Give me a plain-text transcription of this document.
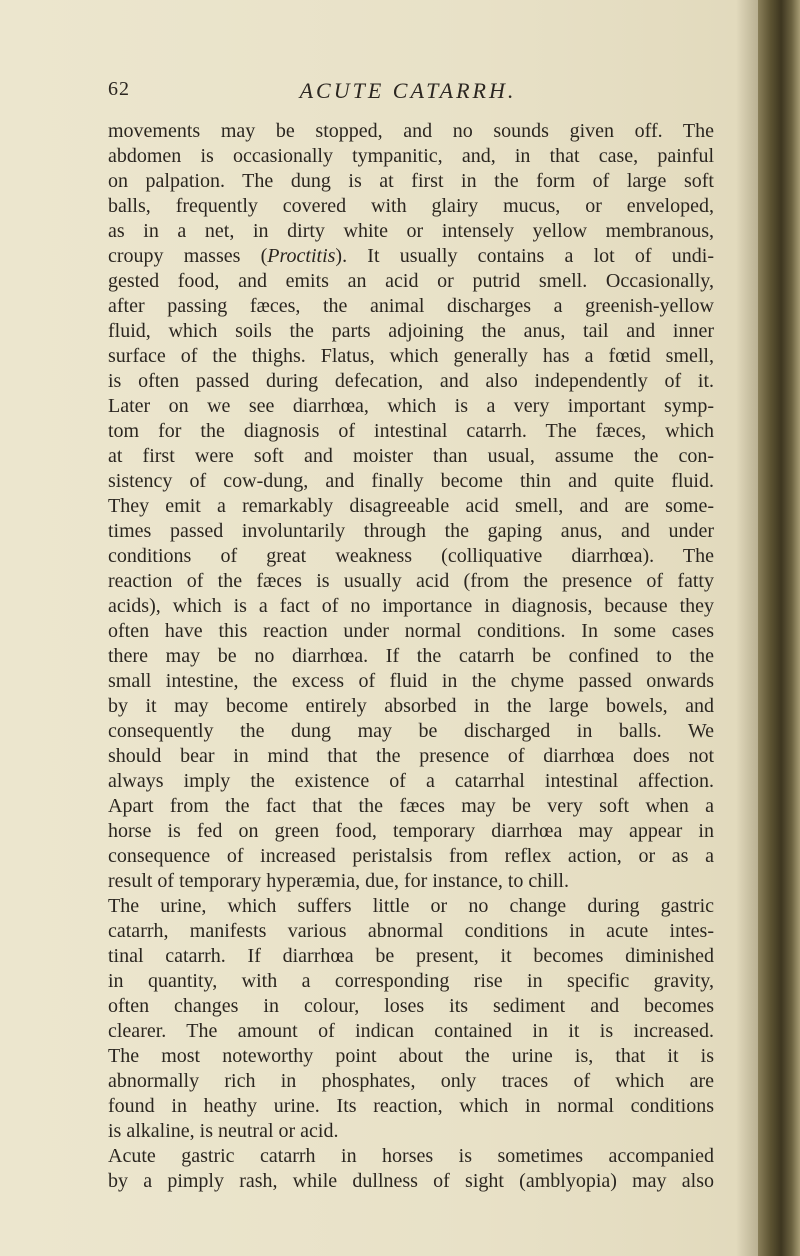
62	ACUTE CATARRH.
movements may be stopped, and no sounds given off. The
abdomen is occasionally tympanitic, and, in that case, painful
on palpation. The dung is at first in the form of large soft
balls, frequently covered with glairy mucus, or enveloped,
as in a net, in dirty white or intensely yellow membranous,
croupy masses (Proctitis). It usually contains a lot of undi-
gested food, and emits an acid or putrid smell. Occasionally,
after passing fæces, the animal discharges a greenish-yellow
fluid, which soils the parts adjoining the anus, tail and inner
surface of the thighs. Flatus, which generally has a fœtid smell,
is often passed during defecation, and also independently of it.
Later on we see diarrhœa, which is a very important symp-
tom for the diagnosis of intestinal catarrh. The fæces, which
at first were soft and moister than usual, assume the con-
sistency of cow-dung, and finally become thin and quite fluid.
They emit a remarkably disagreeable acid smell, and are some-
times passed involuntarily through the gaping anus, and under
conditions of great weakness (colliquative diarrhœa). The
reaction of the fæces is usually acid (from the presence of fatty
acids), which is a fact of no importance in diagnosis, because they
often have this reaction under normal conditions. In some cases
there may be no diarrhœa. If the catarrh be confined to the
small intestine, the excess of fluid in the chyme passed onwards
by it may become entirely absorbed in the large bowels, and
consequently the dung may be discharged in balls. We
should bear in mind that the presence of diarrhœa does not
always imply the existence of a catarrhal intestinal affection.
Apart from the fact that the fæces may be very soft when a
horse is fed on green food, temporary diarrhœa may appear in
consequence of increased peristalsis from reflex action, or as a
result of temporary hyperæmia, due, for instance, to chill.
The urine, which suffers little or no change during gastric
catarrh, manifests various abnormal conditions in acute intes-
tinal catarrh. If diarrhœa be present, it becomes diminished
in quantity, with a corresponding rise in specific gravity,
often changes in colour, loses its sediment and becomes
clearer. The amount of indican contained in it is increased.
The most noteworthy point about the urine is, that it is
abnormally rich in phosphates, only traces of which are
found in heathy urine. Its reaction, which in normal conditions
is alkaline, is neutral or acid.
Acute gastric catarrh in horses is sometimes accompanied
by a pimply rash, while dullness of sight (amblyopia) may also
